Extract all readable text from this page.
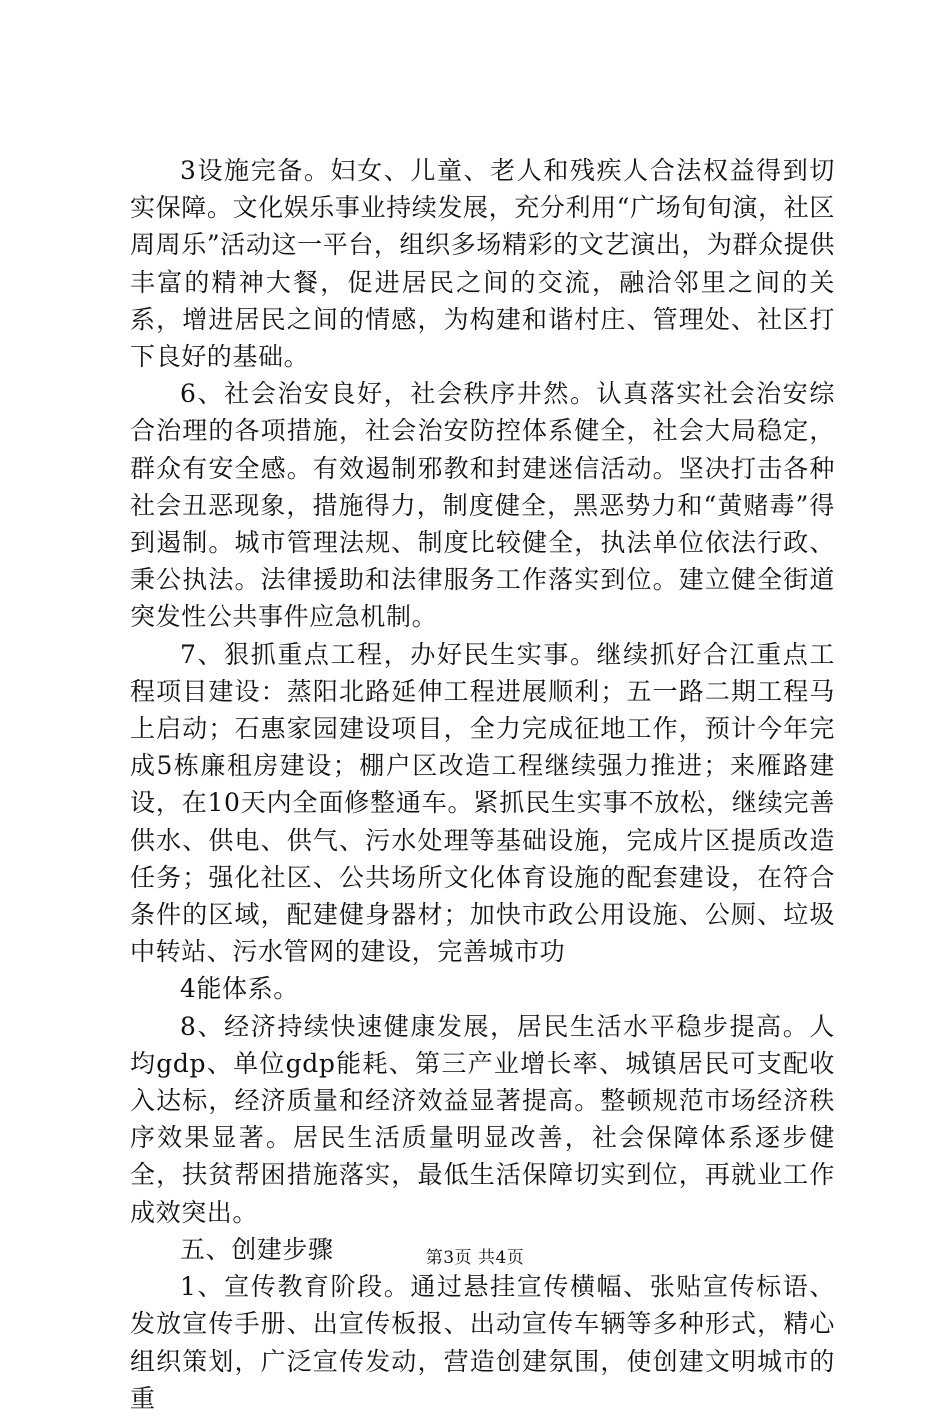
3设施完备。妇女、儿童、老人和残疾人合法权益得到切实保障。文化娱乐事业持续发展，充分利用“广场旬旬演，社区周周乐”活动这一平台，组织多场精彩的文艺演出，为群众提供丰富的精神大餐，促进居民之间的交流，融洽邻里之间的关系，增进居民之间的情感，为构建和谐村庄、管理处、社区打下良好的基础。

6、社会治安良好，社会秩序井然。认真落实社会治安综合治理的各项措施，社会治安防控体系健全，社会大局稳定，群众有安全感。有效遏制邪教和封建迷信活动。坚决打击各种社会丑恶现象，措施得力，制度健全，黑恶势力和“黄赌毒”得到遏制。城市管理法规、制度比较健全，执法单位依法行政、秉公执法。法律援助和法律服务工作落实到位。建立健全街道突发性公共事件应急机制。

7、狠抓重点工程，办好民生实事。继续抓好合江重点工程项目建设：蒸阳北路延伸工程进展顺利；五一路二期工程马上启动；石惠家园建设项目，全力完成征地工作，预计今年完成5栋廉租房建设；棚户区改造工程继续强力推进；来雁路建设，在10天内全面修整通车。紧抓民生实事不放松，继续完善供水、供电、供气、污水处理等基础设施，完成片区提质改造任务；强化社区、公共场所文化体育设施的配套建设，在符合条件的区域，配建健身器材；加快市政公用设施、公厕、垃圾中转站、污水管网的建设，完善城市功

4能体系。

8、经济持续快速健康发展，居民生活水平稳步提高。人均gdp、单位gdp能耗、第三产业增长率、城镇居民可支配收入达标，经济质量和经济效益显著提高。整顿规范市场经济秩序效果显著。居民生活质量明显改善，社会保障体系逐步健全，扶贫帮困措施落实，最低生活保障切实到位，再就业工作成效突出。

五、创建步骤

1、宣传教育阶段。通过悬挂宣传横幅、张贴宣传标语、发放宣传手册、出宣传板报、出动宣传车辆等多种形式，精心组织策划，广泛宣传发动，营造创建氛围，使创建文明城市的重

第3页 共4页
